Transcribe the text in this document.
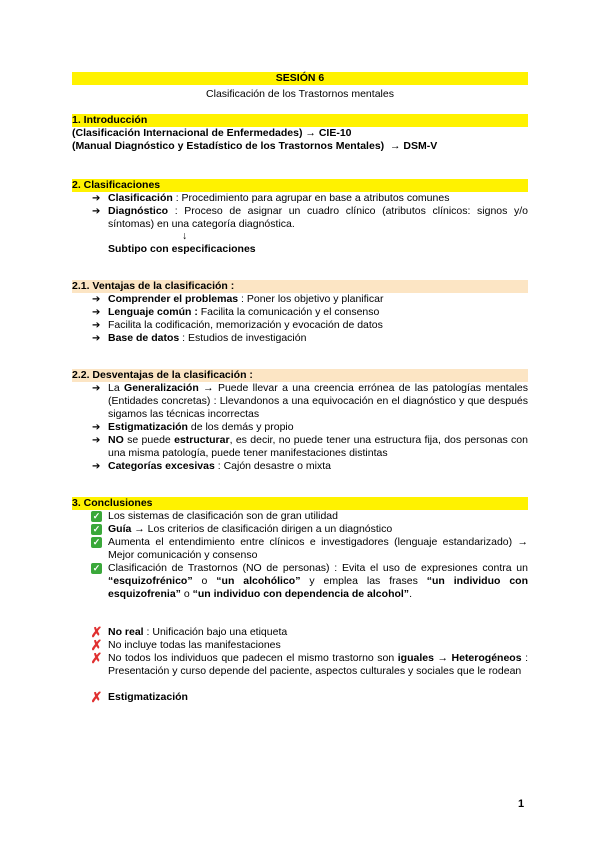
SESIÓN 6
Clasificación de los Trastornos mentales
1. Introducción
(Clasificación Internacional de Enfermedades) → CIE-10
(Manual Diagnóstico y Estadístico de los Trastornos Mentales) → DSM-V
2. Clasificaciones
➔ Clasificación : Procedimiento para agrupar en base a atributos comunes
➔ Diagnóstico : Proceso de asignar un cuadro clínico (atributos clínicos: signos y/o síntomas) en una categoría diagnóstica.
↓
Subtipo con especificaciones
2.1. Ventajas de la clasificación :
➔ Comprender el problemas : Poner los objetivo y planificar
➔ Lenguaje común : Facilita la comunicación y el consenso
➔ Facilita la codificación, memorización y evocación de datos
➔ Base de datos : Estudios de investigación
2.2. Desventajas de la clasificación :
➔ La Generalización → Puede llevar a una creencia errónea de las patologías mentales (Entidades concretas) : Llevandonos a una equivocación en el diagnóstico y que después sigamos las técnicas incorrectas
➔ Estigmatización de los demás y propio
➔ NO se puede estructurar, es decir, no puede tener una estructura fija, dos personas con una misma patología, puede tener manifestaciones distintas
➔ Categorías excesivas : Cajón desastre o mixta
3. Conclusiones
✓ Los sistemas de clasificación son de gran utilidad
✓ Guía → Los criterios de clasificación dirigen a un diagnóstico
✓ Aumenta el entendimiento entre clínicos e investigadores (lenguaje estandarizado) → Mejor comunicación y consenso
✓ Clasificación de Trastornos (NO de personas) : Evita el uso de expresiones contra un “esquizofrénico” o “un alcohólico” y emplea las frases “un individuo con esquizofrenia” o “un individuo con dependencia de alcohol”.
✗ No real : Unificación bajo una etiqueta
✗ No incluye todas las manifestaciones
✗ No todos los individuos que padecen el mismo trastorno son iguales → Heterogéneos : Presentación y curso depende del paciente, aspectos culturales y sociales que le rodean
✗ Estigmatización
1
